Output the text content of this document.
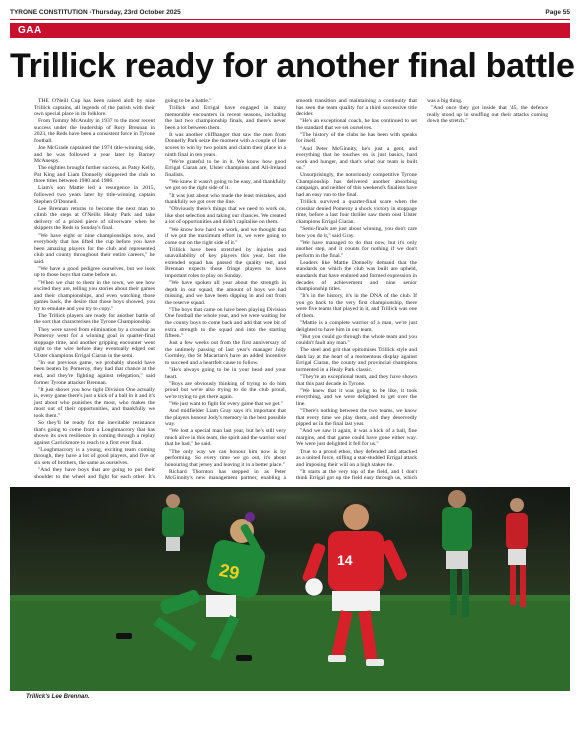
TYRONE CONSTITUTION -Thursday, 23rd October 2025	Page 55
GAA
Trillick ready for another final battle

THE O'Neill Cup has been raised aloft by nine Trillick captains, all legends of the parish with their own special place in its folklore.

From Tommy McAnulty in 1937 to the most recent success under the leadership of Rory Brennan in 2023, the Reds have been a consistent force in Tyrone football.

Joe McGrade captained the 1974 title-winning side, and he was followed a year later by Barney McAnespy.

The eighties brought further success, as Patsy Kelly, Pat King and Liam Donnelly skippered the club to three titles between 1980 and 1986.

Liam's son Mattie led a resurgence in 2015, followed two years later by title-winning captain Stephen O'Donnell.

Lee Brennan returns to become the next man to climb the steps at O'Neills Healy Park and take delivery of a prized piece of silverware when he skippers the Reds in Sunday's final.

"We have eight or nine championships now, and everybody that has lifted the cup before you have been amazing players for the club and represented club and county throughout their entire careers," he said.

"We have a good pedigree ourselves, but we look up to those boys that came before us.

"When we chat to them in the town, we see how excited they are, telling you stories about their games and their championships, and even watching those games back, the desire that those boys showed, you try to emulate and you try to copy."

The Trillick players are ready for another battle of the sort that characterises the Tyrone Championship.

They were saved from elimination by a crossbar as Pomeroy went for a winning goal in quarter-final stoppage time, and another gripping encounter went right to the wire before they eventually edged out Ulster champions Errigal Ciaran in the semi.

"In our previous game, we probably should have been beaten by Pomeroy, they had that chance at the end, and they're fighting against relegation," said former Tyrone attacker Brennan.

"It just shows you how tight Division One actually is, every game there's just a kick of a ball in it and it's just about who punishes the most, who makes the most out of their opportunities, and thankfully we took them."

So they'll be ready for the inevitable resistance that's going to come from a Loughmacrory that has shown its own resilience in coming through a replay against Carrickmore to reach to a first ever final.

"Loughmacrory is a young, exciting team coming through, they have a lot of good players, and five or six sets of brothers, the same as ourselves.

"And they have boys that are going to put their shoulder to the wheel and fight for each other. It's going to be a battle."

Trillick and Errigal have engaged in many memorable encounters in recent seasons, including the last two championship finals, and there's never been a lot between them.

It was another cliffhanger that saw the men from Donnelly Park seize the moment with a couple of late scores to win by two points and claim their place in a ninth final in ten years.

"We're grateful to be in it. We know how good Errigal Ciaran are, Ulster champions and All-Ireland finalists.

"We knew it wasn't going to be easy, and thankfully we got on the right side of it.

"It was just about who made the least mistakes, and thankfully we got over the line.

"Obviously there's things that we need to work on, like shot selection and taking our chances. We created a lot of opportunities and didn't capitalise on them.

"We know how hard we work, and we thought that if we put the maximum effort in, we were going to come out on the right side of it."

Trillick have been stretched by injuries and unavailability of key players this year, but the extended squad has passed the quality test, and Brennan expects those fringe players to have important roles to play on Sunday.

"We have spoken all year about the strength in depth in our squad, the amount of boys we had missing, and we have been dipping in and out from the reserve squad.

"The boys that came on have been playing Division One football the whole year, and we were waiting for the county boys to come back and add that wee bit of extra strength to the squad and into the starting fifteen."

Just a few weeks out from the first anniversary of the untimely passing of last year's manager Jody Gormley, the St Macartan's have an added incentive to succeed and a heartfelt cause to follow.

"He's always going to be in your head and your heart.

"Boys are obviously thinking of trying to do him proud but we're also trying to do the club proud, we're trying to get there again.

"We just want to fight for every game that we get."

And midfielder Liam Gray says it's important that the players honour Jody's memory in the best possible way.

"We lost a special man last year, but he's still very much alive in this team, the spirit and the warrior soul that he had," he said.

"The only way we can honour him now is by performing. So every time we go out, it's about honouring that jersey and leaving it in a better place."

Richard Thornton has stepped in as Peter McGinnity's new management partner, enabling a smooth transition and maintaining a continuity that has seen the team quality for a third successive title decider.

"He's an exceptional coach, he has continued to set the standard that we set ourselves.

"The history of the clubs he has been with speaks for itself.

"And Peter McGinnity, he's just a gent, and everything that he touches on is just basics, hard work and hunger, and that's what our team is built on."

Unsurprisingly, the notoriously competitive Tyrone Championship has delivered another absorbing campaign, and neither of this weekend's finalists have had an easy run to the final.

Trillick survived a quarter-final scare when the crossbar denied Pomeroy a shock victory in stoppage time, before a last four thriller saw them oust Ulster champions Errigal Ciaran.

"Semi-finals are just about winning, you don't care how you do it," said Gray.

"We have managed to do that now, but it's only another step, and it counts for nothing if we don't perform in the final."

Leaders like Mattie Donnelly demand that the standards on which the club was built are upheld, standards that have endured and formed expression in decades of achievement and nine senior championship titles.

"It's in the history, it's in the DNA of the club. If you go back to the very first championship, there were five teams that played in it, and Trillick was one of them.

"Mattie is a complete warrior of a man, we're just delighted to have him in our team.

"But you could go through the whole team and you couldn't fault any man."

The steel and grit that epitomises Trillick style and dash lay at the heart of a momentous display against Errigal Ciaran, the county and provincial champions tormented in a Healy Park classic.

"They're an exceptional team, and they have shown that this past decade in Tyrone.

"We knew that it was going to be like, it took everything, and we were delighted to get over the line.

"There's nothing between the two teams, we know that every time we play them, and they deservedly pipped us in the final last year.

"And we saw it again, it was a kick of a ball, fine margins, and that game could have gone either way. We were just delighted it fell for us."

True to a proud ethos, they defended and attacked as a united force, stifling a star-studded Errigal attack and imposing their will on a high stakes tie.

"It starts at the very top of the field, and I don't think Errigal got up the field easy through us, which was a big thing.

"And once they got inside that '45, the defence really stood up in snuffing out their attacks coming down the stretch."

29	14
Trillick's Lee Brennan.
